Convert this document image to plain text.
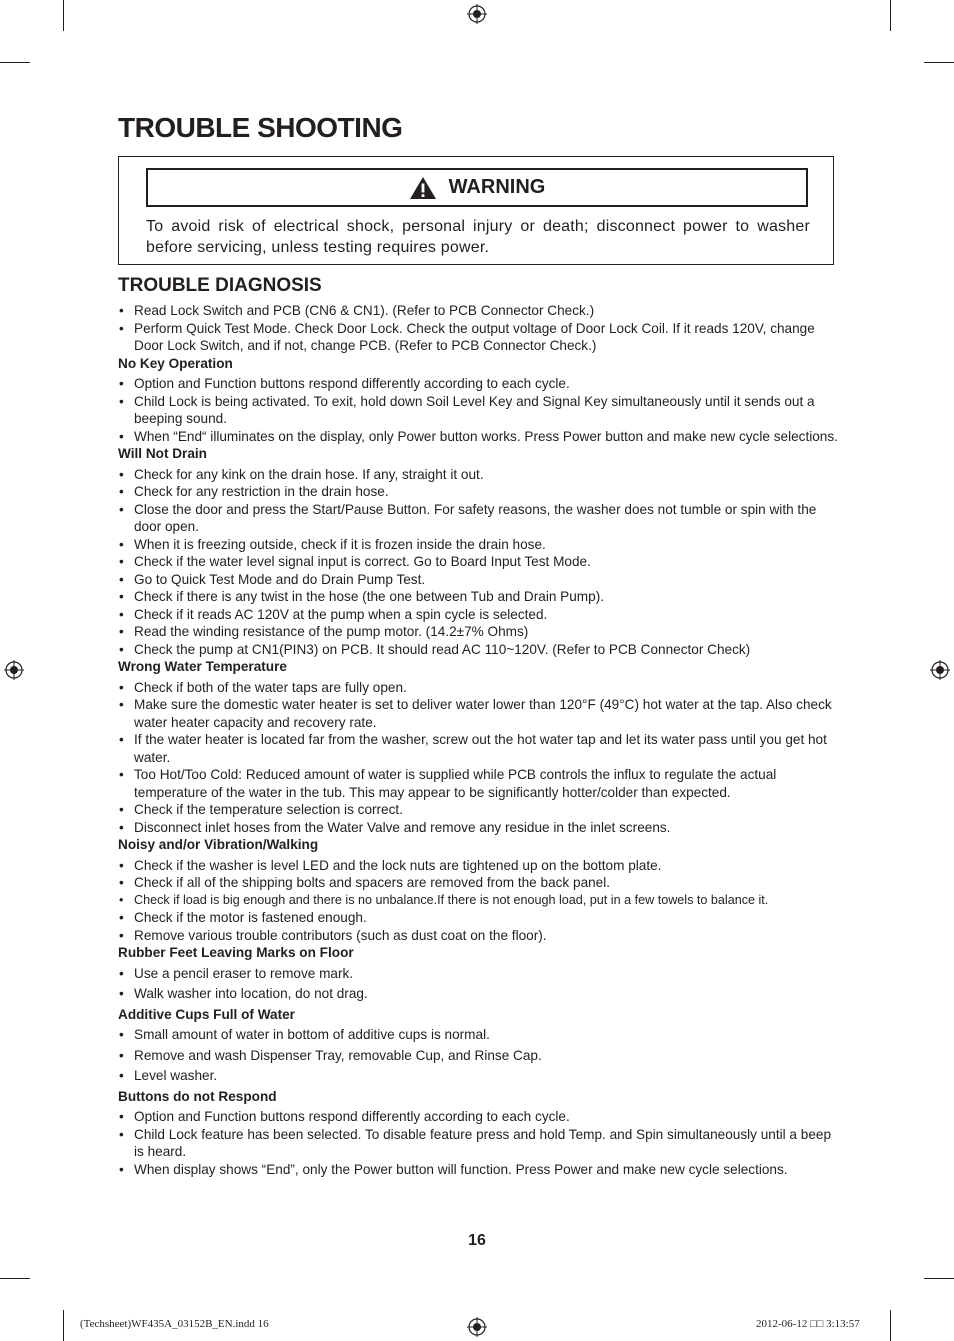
TROUBLE SHOOTING
WARNING
To avoid risk of electrical shock, personal injury or death; disconnect power to washer before servicing, unless testing requires power.
TROUBLE DIAGNOSIS
• Read Lock Switch and PCB (CN6 & CN1). (Refer to PCB Connector Check.)
• Perform Quick Test Mode. Check Door Lock. Check the output voltage of Door Lock Coil. If it reads 120V, change Door Lock Switch, and if not, change PCB. (Refer to PCB Connector Check.)
No Key Operation
• Option and Function buttons respond differently according to each cycle.
• Child Lock is being activated. To exit, hold down Soil Level Key and Signal Key simultaneously until it sends out a beeping sound.
• When “End“ illuminates on the display, only Power button works. Press Power button and make new cycle selections.
Will Not Drain
• Check for any kink on the drain hose. If any, straight it out.
• Check for any restriction in the drain hose.
• Close the door and press the Start/Pause Button. For safety reasons, the washer does not tumble or spin with the door open.
• When it is freezing outside, check if it is frozen inside the drain hose.
• Check if the water level signal input is correct. Go to Board Input Test Mode.
• Go to Quick Test Mode and do Drain Pump Test.
• Check if there is any twist in the hose (the one between Tub and Drain Pump).
• Check if it reads AC 120V at the pump when a spin cycle is selected.
• Read the winding resistance of the pump motor. (14.2±7% Ohms)
• Check the pump at CN1(PIN3) on PCB. It should read AC 110~120V. (Refer to PCB Connector Check)
Wrong Water Temperature
• Check if both of the water taps are fully open.
• Make sure the domestic water heater is set to deliver water lower than 120°F (49°C) hot water at the tap. Also check water heater capacity and recovery rate.
• If the water heater is located far from the washer, screw out the hot water tap and let its water pass until you get hot water.
• Too Hot/Too Cold: Reduced amount of water is supplied while PCB controls the influx to regulate the actual temperature of the water in the tub. This may appear to be significantly hotter/colder than expected.
• Check if the temperature selection is correct.
• Disconnect inlet hoses from the Water Valve and remove any residue in the inlet screens.
Noisy and/or Vibration/Walking
• Check if the washer is level LED and the lock nuts are tightened up on the bottom plate.
• Check if all of the shipping bolts and spacers are removed from the back panel.
• Check if load is big enough and there is no unbalance.If there is not enough load, put in a few towels to balance it.
• Check if the motor is fastened enough.
• Remove various trouble contributors (such as dust coat on the floor).
Rubber Feet Leaving Marks on Floor
• Use a pencil eraser to remove mark.
• Walk washer into location, do not drag.
Additive Cups Full of Water
• Small amount of water in bottom of additive cups is normal.
• Remove and wash Dispenser Tray, removable Cup, and Rinse Cap.
• Level washer.
Buttons do not Respond
• Option and Function buttons respond differently according to each cycle.
• Child Lock feature has been selected. To disable feature press and hold Temp. and Spin simultaneously until a beep is heard.
• When display shows “End”, only the Power button will function. Press Power and make new cycle selections.
16
(Techsheet)WF435A_03152B_EN.indd 16	2012-06-12 □□ 3:13:57
